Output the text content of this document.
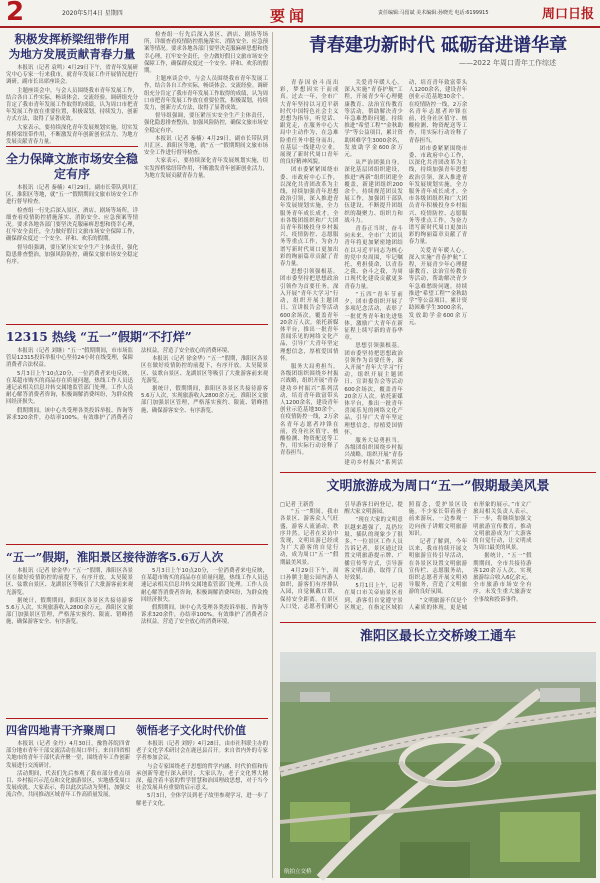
2	2020年5月4日 星期四	要闻	责任编辑:马留斌 美术编辑:孙晓光 电话:6199915	周口日报
积极发挥桥梁纽带作用
为地方发展贡献青春力量

本报讯（记者 袁鸣）4月29日下午，省青年发展研究中心专家一行来我市，就青年发展工作开展情况进行调研。副市长出席座谈会。

主题座谈会中，与会人员围绕我市青年发展工作，结合各自工作实际，畅谈体会、交流经验。调研组充分肯定了我市青年发展工作取得的成绩，认为周口市把青年发展工作放在重要位置，积极谋划，持续发力，创新方式方法，取得了显著成效。

大家表示，要持续深化青年发展规划实施，切实发挥桥梁纽带作用，不断激发青年创新创业活力，为地方发展贡献青春力量。

全力保障文旅市场安全稳定有序

本报讯（记者 秦楠）4月29日，副市长带队到川汇区、淮阳区等地，就“五一”假期期间文旅市场安全工作进行督导检查。

检查组一行先后深入景区、酒店、剧场等场所，详细查看疫情防控措施落实、消防安全、应急预案等情况。要求各地各部门要坚决克服麻痹思想和侥幸心理，扛牢安全责任，全力做好假日文旅市场安全保障工作，确保群众度过一个安全、祥和、欢乐的假期。

督导组强调，要压紧压实安全生产主体责任，强化隐患排查整治，加强风险防控，确保文旅市场安全稳定有序。

检查组一行先后深入景区、酒店、剧场等场所，详细查看疫情防控措施落实、消防安全、应急预案等情况。要求各地各部门要坚决克服麻痹思想和侥幸心理，扛牢安全责任，全力做好假日文旅市场安全保障工作，确保群众度过一个安全、祥和、欢乐的假期。

主题座谈会中，与会人员围绕我市青年发展工作，结合各自工作实际，畅谈体会、交流经验。调研组充分肯定了我市青年发展工作取得的成绩，认为周口市把青年发展工作放在重要位置，积极谋划，持续发力，创新方式方法，取得了显著成效。

督导组强调，要压紧压实安全生产主体责任，强化隐患排查整治，加强风险防控，确保文旅市场安全稳定有序。

本报讯（记者 秦楠）4月29日，副市长带队到川汇区、淮阳区等地，就“五一”假期期间文旅市场安全工作进行督导检查。

大家表示，要持续深化青年发展规划实施，切实发挥桥梁纽带作用，不断激发青年创新创业活力，为地方发展贡献青春力量。

12315 热线 “五一”假期“不打烊”

本报讯（记者 刘继）“五一”假期期间，市市场监管局12315投诉举报中心坚持24小时在线受理，保障消费者合法权益。

5月3日上午10点20分，一位消费者来电反映，在某超市购买的商品存在质量问题，热线工作人员迅速记录相关信息并转交属地监管部门处理。工作人员耐心解答消费者咨询，积极调解消费纠纷，为群众挽回经济损失。

假期期间，该中心共受理各类投诉举报、咨询等诉求320余件，办结率100%。有效维护了消费者合法权益，营造了安全放心的消费环境。

本报讯（记者 徐金华）“五一”假期，淮阳区各景区在做好疫情防控的前提下，有序开放。太昊陵景区、弦歌台景区、龙湖景区等吸引了大批游客前来观光游览。

据统计，假期期间，淮阳区各景区共接待游客5.6万人次，实现旅游收入2800余万元。淮阳区文旅部门加强景区管理，严格落实预约、限流、错峰措施，确保游客安全、有序游览。

“五一”假期，淮阳景区接待游客5.6万人次

本报讯（记者 徐金华）“五一”假期，淮阳区各景区在做好疫情防控的前提下，有序开放。太昊陵景区、弦歌台景区、龙湖景区等吸引了大批游客前来观光游览。

据统计，假期期间，淮阳区各景区共接待游客5.6万人次，实现旅游收入2800余万元。淮阳区文旅部门加强景区管理，严格落实预约、限流、错峰措施，确保游客安全、有序游览。

5月3日上午10点20分，一位消费者来电反映，在某超市购买的商品存在质量问题，热线工作人员迅速记录相关信息并转交属地监管部门处理。工作人员耐心解答消费者咨询，积极调解消费纠纷，为群众挽回经济损失。

假期期间，该中心共受理各类投诉举报、咨询等诉求320余件，办结率100%。有效维护了消费者合法权益，营造了安全放心的消费环境。

四省四地青干齐聚周口

本报讯（记者 金丹）4月30日，豫鲁苏皖四省部分地市青年干部交流活动在周口举行。来自四省相关地市的青年干部代表齐聚一堂，围绕青年工作创新发展进行交流研讨。

活动期间，代表们先后参观了我市部分重点项目、乡村振兴示范点和文化旅游景区，实地感受周口发展成就。大家表示，将以此次活动为契机，加强交流合作，共同推动区域青年工作高质量发展。

领悟老子文化时代价值

本报讯（记者 刘婷）4月28日，由市社科联主办的老子文化学术研讨会在鹿邑县召开。来自省内外的专家学者参加会议。

与会专家围绕老子思想的哲学内涵、时代价值和传承创新等进行深入研讨，大家认为，老子文化博大精深，蕴含着丰富的哲学智慧和治国理政思想，对于当今社会发展具有重要的启示意义。

5月3日，全体学员到老子故里参观学习，进一步了解老子文化。

青春建功新时代 砥砺奋进谱华章
——2022 年周口青年工作综述

青春因奋斗而出彩，梦想因实干而成真。过去一年，全市广大青年坚持以习近平新时代中国特色社会主义思想为指导，听党话、跟党走，在服务中心大局中主动作为，在急难险重任务中挺身而出，在基层一线建功立业，展现了新时代周口青年的良好精神风貌。

团市委紧紧围绕市委、市政府中心工作，以深化共青团改革为主线，持续加强青年思想政治引领，深入推进青年发展规划实施，全力服务青年成长成才。全市各级团组织和广大团员青年积极投身乡村振兴、疫情防控、志愿服务等重点工作，为奋力谱写新时代周口更加出彩的绚丽篇章贡献了青春力量。

思想引领强根基。团市委坚持把思想政治引领作为首要任务，深入开展“青年大学习”行动，组织开展主题团日、宣讲报告会等活动600余场次，覆盖青年20余万人次。依托新媒体平台，推出一批青年喜闻乐见的网络文化产品，引导广大青年坚定理想信念，厚植爱国情怀。

服务大局勇担当。各级团组织围绕乡村振兴战略，组织开展“青春建功乡村振兴”系列活动，培育青年致富带头人1200余名，建设青年创业示范基地30余个。在疫情防控一线，2万余名青年志愿者冲锋在前，投身社区值守、核酸检测、物资配送等工作，用实际行动诠释了青春担当。

关爱青年暖人心。深入实施“青春护航”工程，开展青少年心理健康教育、法治宣传教育等活动，帮助解决青少年急难愁盼问题。持续推进“希望工程”“金秋助学”等公益项目，累计资助困难学生3000余名，发放助学金600余万元。

从严治团强自身。深化基层团组织建设，推进“两新”组织团建全覆盖，新建团组织200余个。持续规范团员发展工作，加强团干部队伍建设，不断提升团组织的凝聚力、组织力和战斗力。

青春正当时，奋斗向未来。全市广大团员青年将更加紧密地团结在以习近平同志为核心的党中央周围，牢记嘱托、勇担使命，以青春之我、奋斗之我，为周口现代化建设贡献更多青春力量。

“五四”青年节前夕，团市委组织开展了多项纪念活动，表彰了一批优秀青年和先进集体，激励广大青年在新征程上续写新的青春华章。

思想引领强根基。团市委坚持把思想政治引领作为首要任务，深入开展“青年大学习”行动，组织开展主题团日、宣讲报告会等活动600余场次，覆盖青年20余万人次。依托新媒体平台，推出一批青年喜闻乐见的网络文化产品，引导广大青年坚定理想信念，厚植爱国情怀。

服务大局勇担当。各级团组织围绕乡村振兴战略，组织开展“青春建功乡村振兴”系列活动，培育青年致富带头人1200余名，建设青年创业示范基地30余个。在疫情防控一线，2万余名青年志愿者冲锋在前，投身社区值守、核酸检测、物资配送等工作，用实际行动诠释了青春担当。

团市委紧紧围绕市委、市政府中心工作，以深化共青团改革为主线，持续加强青年思想政治引领，深入推进青年发展规划实施，全力服务青年成长成才。全市各级团组织和广大团员青年积极投身乡村振兴、疫情防控、志愿服务等重点工作，为奋力谱写新时代周口更加出彩的绚丽篇章贡献了青春力量。

关爱青年暖人心。深入实施“青春护航”工程，开展青少年心理健康教育、法治宣传教育等活动，帮助解决青少年急难愁盼问题。持续推进“希望工程”“金秋助学”等公益项目，累计资助困难学生3000余名，发放助学金600余万元。

文明旅游成为周口“五一”假期最美风景
□记者 王新普

“五一”期间，我市各景区、游客众人气旺盛，游客人流涌动，秩序井然。记者在采访中发现，文明出游已经成为广大游客的自觉行动，成为周口“五一”假期最美风景。

4月29日下午，周口孙膑主题公园内游人如织，游客们有序排队入园，自觉佩戴口罩，保持安全距离。在景区入口处，志愿者们耐心引导游客扫码登记，提醒大家文明游园。

“现在大家的文明意识越来越强了，乱扔垃圾、插队的现象少了很多。”一位景区工作人员告诉记者，景区通过设置文明旅游提示牌、广播宣传等方式，引导游客文明出游，取得了良好效果。

5月1日上午，记者在周口市关帝庙景区看到，游客们自觉遵守景区规定，在指定区域拍照留念，爱护景区设施。不少家长带着孩子前来游玩，一边参观一边向孩子讲解文明旅游知识。

记者了解到，今年以来，我市持续开展文明旅游宣传引导活动，在各景区设置文明旅游宣传栏、志愿服务站，组织志愿者开展文明劝导服务，营造了文明旅游的良好氛围。

“文明旅游不仅是个人素质的体现，更是城市形象的展示。”市文广旅局相关负责人表示，下一步，将继续加强文明旅游宣传教育，推动文明旅游成为广大游客的自觉行动，让文明成为周口最美的风景。

据统计，“五一”假期期间，全市共接待游客120余万人次，实现旅游综合收入6亿余元，全市旅游市场安全有序，未发生重大旅游安全事故和投诉事件。

淮阳区最长立交桥竣工通车
航拍立交桥
